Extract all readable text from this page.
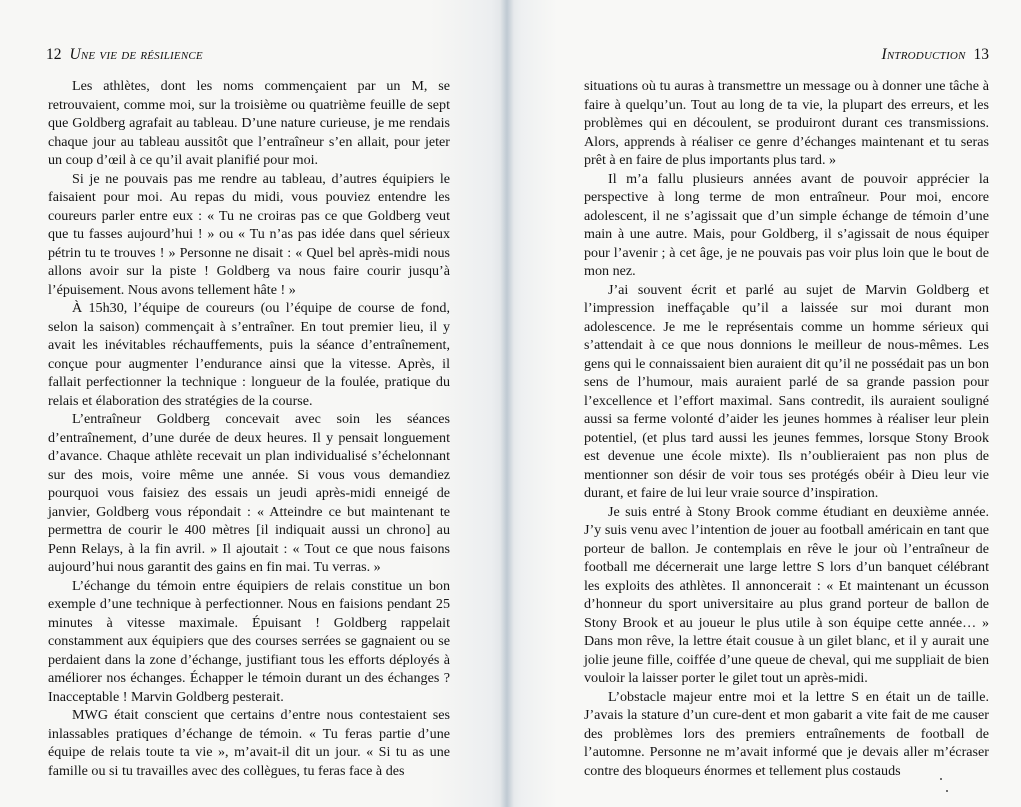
12 Une vie de résilience	Introduction 13

Les athlètes, dont les noms commençaient par un M, se retrouvaient, comme moi, sur la troisième ou quatrième feuille de sept que Goldberg agrafait au tableau. D’une nature curieuse, je me rendais chaque jour au tableau aussitôt que l’entraîneur s’en allait, pour jeter un coup d’œil à ce qu’il avait planifié pour moi.

Si je ne pouvais pas me rendre au tableau, d’autres équipiers le faisaient pour moi. Au repas du midi, vous pouviez entendre les coureurs parler entre eux : « Tu ne croiras pas ce que Goldberg veut que tu fasses aujourd’hui ! » ou « Tu n’as pas idée dans quel sérieux pétrin tu te trouves ! » Personne ne disait : « Quel bel après-midi nous allons avoir sur la piste ! Goldberg va nous faire courir jusqu’à l’épuisement. Nous avons tellement hâte ! »

À 15h30, l’équipe de coureurs (ou l’équipe de course de fond, selon la saison) commençait à s’entraîner. En tout premier lieu, il y avait les inévitables réchauffements, puis la séance d’entraînement, conçue pour augmenter l’endurance ainsi que la vitesse. Après, il fallait perfectionner la technique : longueur de la foulée, pratique du relais et élaboration des stratégies de la course.

L’entraîneur Goldberg concevait avec soin les séances d’entraînement, d’une durée de deux heures. Il y pensait longuement d’avance. Chaque athlète recevait un plan individualisé s’échelonnant sur des mois, voire même une année. Si vous vous demandiez pourquoi vous faisiez des essais un jeudi après-midi enneigé de janvier, Goldberg vous répondait : « Atteindre ce but maintenant te permettra de courir le 400 mètres [il indiquait aussi un chrono] au Penn Relays, à la fin avril. » Il ajoutait : « Tout ce que nous faisons aujourd’hui nous garantit des gains en fin mai. Tu verras. »

L’échange du témoin entre équipiers de relais constitue un bon exemple d’une technique à perfectionner. Nous en faisions pendant 25 minutes à vitesse maximale. Épuisant ! Goldberg rappelait constamment aux équipiers que des courses serrées se gagnaient ou se perdaient dans la zone d’échange, justifiant tous les efforts déployés à améliorer nos échanges. Échapper le témoin durant un des échanges ? Inacceptable ! Marvin Goldberg pesterait.

MWG était conscient que certains d’entre nous contestaient ses inlassables pratiques d’échange de témoin. « Tu feras partie d’une équipe de relais toute ta vie », m’avait-il dit un jour. « Si tu as une famille ou si tu travailles avec des collègues, tu feras face à des

situations où tu auras à transmettre un message ou à donner une tâche à faire à quelqu’un. Tout au long de ta vie, la plupart des erreurs, et les problèmes qui en découlent, se produiront durant ces transmissions. Alors, apprends à réaliser ce genre d’échanges maintenant et tu seras prêt à en faire de plus importants plus tard. »

Il m’a fallu plusieurs années avant de pouvoir apprécier la perspective à long terme de mon entraîneur. Pour moi, encore adolescent, il ne s’agissait que d’un simple échange de témoin d’une main à une autre. Mais, pour Goldberg, il s’agissait de nous équiper pour l’avenir ; à cet âge, je ne pouvais pas voir plus loin que le bout de mon nez.

J’ai souvent écrit et parlé au sujet de Marvin Goldberg et l’impression ineffaçable qu’il a laissée sur moi durant mon adolescence. Je me le représentais comme un homme sérieux qui s’attendait à ce que nous donnions le meilleur de nous-mêmes. Les gens qui le connaissaient bien auraient dit qu’il ne possédait pas un bon sens de l’humour, mais auraient parlé de sa grande passion pour l’excellence et l’effort maximal. Sans contredit, ils auraient souligné aussi sa ferme volonté d’aider les jeunes hommes à réaliser leur plein potentiel, (et plus tard aussi les jeunes femmes, lorsque Stony Brook est devenue une école mixte). Ils n’oublieraient pas non plus de mentionner son désir de voir tous ses protégés obéir à Dieu leur vie durant, et faire de lui leur vraie source d’inspiration.

Je suis entré à Stony Brook comme étudiant en deuxième année. J’y suis venu avec l’intention de jouer au football américain en tant que porteur de ballon. Je contemplais en rêve le jour où l’entraîneur de football me décernerait une large lettre S lors d’un banquet célébrant les exploits des athlètes. Il annoncerait : « Et maintenant un écusson d’honneur du sport universitaire au plus grand porteur de ballon de Stony Brook et au joueur le plus utile à son équipe cette année… » Dans mon rêve, la lettre était cousue à un gilet blanc, et il y aurait une jolie jeune fille, coiffée d’une queue de cheval, qui me suppliait de bien vouloir la laisser porter le gilet tout un après-midi.

L’obstacle majeur entre moi et la lettre S en était un de taille. J’avais la stature d’un cure-dent et mon gabarit a vite fait de me causer des problèmes lors des premiers entraînements de football de l’automne. Personne ne m’avait informé que je devais aller m’écraser contre des bloqueurs énormes et tellement plus costauds
